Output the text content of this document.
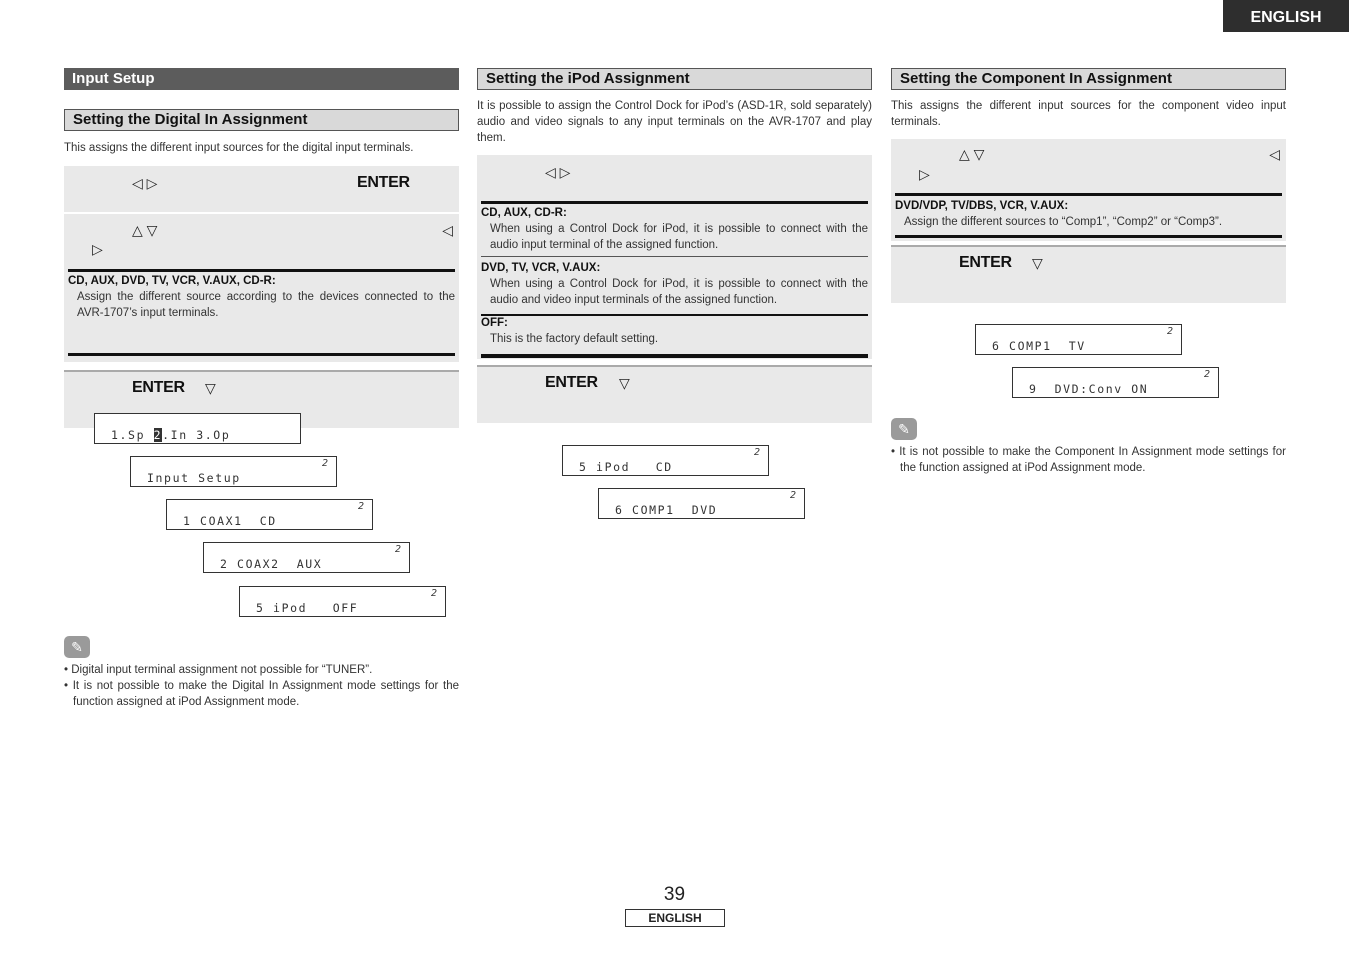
ENGLISH
Input Setup
Setting the Digital In Assignment
This assigns the different input sources for the digital input terminals.
◁ ▷	ENTER
△ ▽	◁
▷
CD, AUX, DVD, TV, VCR, V.AUX, CD-R:
Assign the different source according to the devices connected to the AVR-1707’s input terminals.
ENTER ▽
1.Sp 2.In 3.Op
Input Setup
2
1 COAX1  CD
2
2 COAX2  AUX
2
5 iPod   OFF
2
✎
• Digital input terminal assignment not possible for “TUNER”.
• It is not possible to make the Digital In Assignment mode settings for the function assigned at iPod Assignment mode.
Setting the iPod Assignment
It is possible to assign the Control Dock for iPod’s (ASD-1R, sold separately) audio and video signals to any input terminals on the AVR-1707 and play them.
◁ ▷
CD, AUX, CD-R:
When using a Control Dock for iPod, it is possible to connect with the audio input terminal of the assigned function.
DVD, TV, VCR, V.AUX:
When using a Control Dock for iPod, it is possible to connect with the audio and video input terminals of the assigned function.
OFF:
This is the factory default setting.
ENTER ▽
5 iPod   CD
2
6 COMP1  DVD
2
Setting the Component In Assignment
This assigns the different input sources for the component video input terminals.
△ ▽	◁
▷
DVD/VDP, TV/DBS, VCR, V.AUX:
Assign the different sources to “Comp1”, “Comp2” or “Comp3”.
ENTER ▽
6 COMP1  TV
2
9  DVD:Conv ON
2
✎
• It is not possible to make the Component In Assignment mode settings for the function assigned at iPod Assignment mode.
39
ENGLISH
